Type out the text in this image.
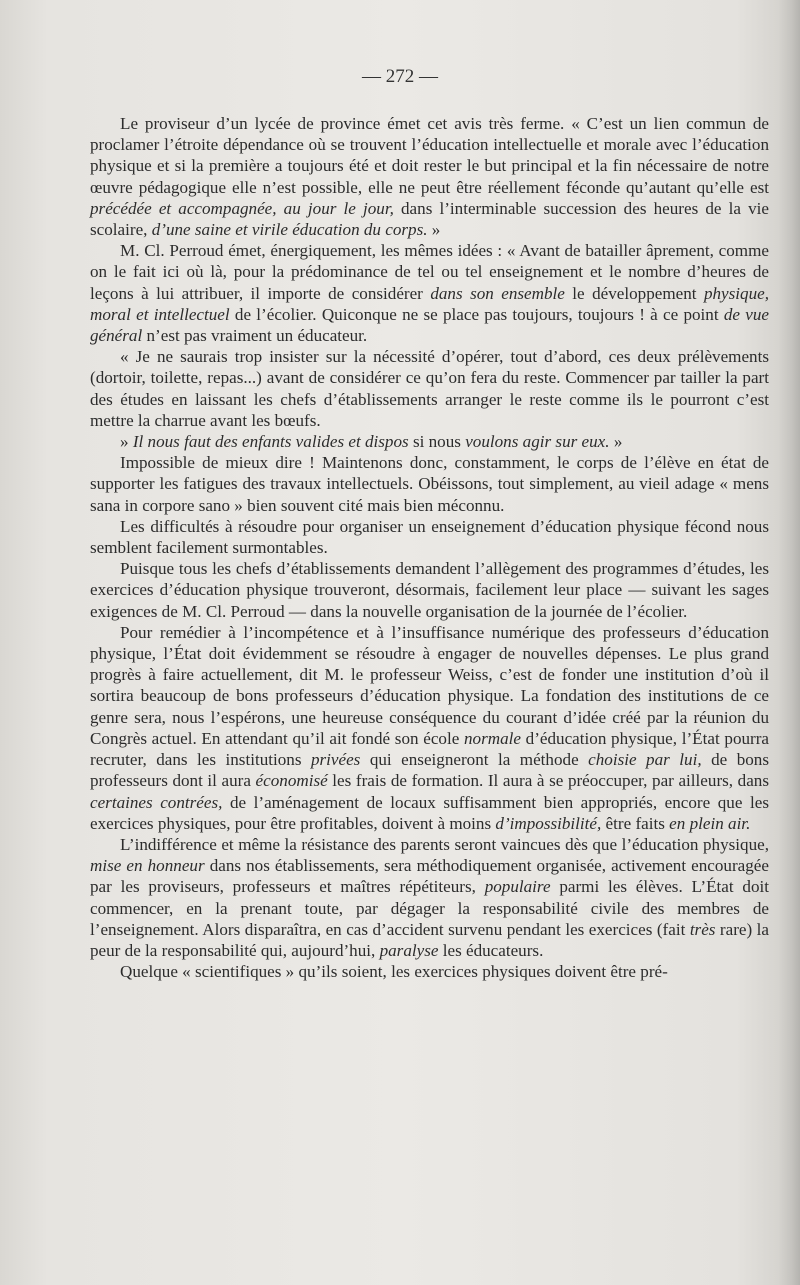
— 272 —

Le proviseur d’un lycée de province émet cet avis très ferme. « C’est un lien commun de proclamer l’étroite dépendance où se trouvent l’éducation intellectuelle et morale avec l’éducation physique et si la première a toujours été et doit rester le but principal et la fin nécessaire de notre œuvre pédagogique elle n’est possible, elle ne peut être réellement féconde qu’autant qu’elle est précédée et accompagnée, au jour le jour, dans l’interminable succession des heures de la vie scolaire, d’une saine et virile éducation du corps. »

M. Cl. Perroud émet, énergiquement, les mêmes idées : « Avant de batailler âprement, comme on le fait ici où là, pour la prédominance de tel ou tel enseignement et le nombre d’heures de leçons à lui attribuer, il importe de considérer dans son ensemble le développement physique, moral et intellectuel de l’écolier. Quiconque ne se place pas toujours, toujours ! à ce point de vue général n’est pas vraiment un éducateur.

« Je ne saurais trop insister sur la nécessité d’opérer, tout d’abord, ces deux prélèvements (dortoir, toilette, repas...) avant de considérer ce qu’on fera du reste. Commencer par tailler la part des études en laissant les chefs d’établissements arranger le reste comme ils le pourront c’est mettre la charrue avant les bœufs.

» Il nous faut des enfants valides et dispos si nous voulons agir sur eux. »

Impossible de mieux dire ! Maintenons donc, constamment, le corps de l’élève en état de supporter les fatigues des travaux intellectuels. Obéissons, tout simplement, au vieil adage « mens sana in corpore sano » bien souvent cité mais bien méconnu.

Les difficultés à résoudre pour organiser un enseignement d’éducation physique fécond nous semblent facilement surmontables.

Puisque tous les chefs d’établissements demandent l’allègement des programmes d’études, les exercices d’éducation physique trouveront, désormais, facilement leur place — suivant les sages exigences de M. Cl. Perroud — dans la nouvelle organisation de la journée de l’écolier.

Pour remédier à l’incompétence et à l’insuffisance numérique des professeurs d’éducation physique, l’État doit évidemment se résoudre à engager de nouvelles dépenses. Le plus grand progrès à faire actuellement, dit M. le professeur Weiss, c’est de fonder une institution d’où il sortira beaucoup de bons professeurs d’éducation physique. La fondation des institutions de ce genre sera, nous l’espérons, une heureuse conséquence du courant d’idée créé par la réunion du Congrès actuel. En attendant qu’il ait fondé son école normale d’éducation physique, l’État pourra recruter, dans les institutions privées qui enseigneront la méthode choisie par lui, de bons professeurs dont il aura économisé les frais de formation. Il aura à se préoccuper, par ailleurs, dans certaines contrées, de l’aménagement de locaux suffisamment bien appropriés, encore que les exercices physiques, pour être profitables, doivent à moins d’impossibilité, être faits en plein air.

L’indifférence et même la résistance des parents seront vaincues dès que l’éducation physique, mise en honneur dans nos établissements, sera méthodiquement organisée, activement encouragée par les proviseurs, professeurs et maîtres répétiteurs, populaire parmi les élèves. L’État doit commencer, en la prenant toute, par dégager la responsabilité civile des membres de l’enseignement. Alors disparaîtra, en cas d’accident survenu pendant les exercices (fait très rare) la peur de la responsabilité qui, aujourd’hui, paralyse les éducateurs.

Quelque « scientifiques » qu’ils soient, les exercices physiques doivent être pré-
